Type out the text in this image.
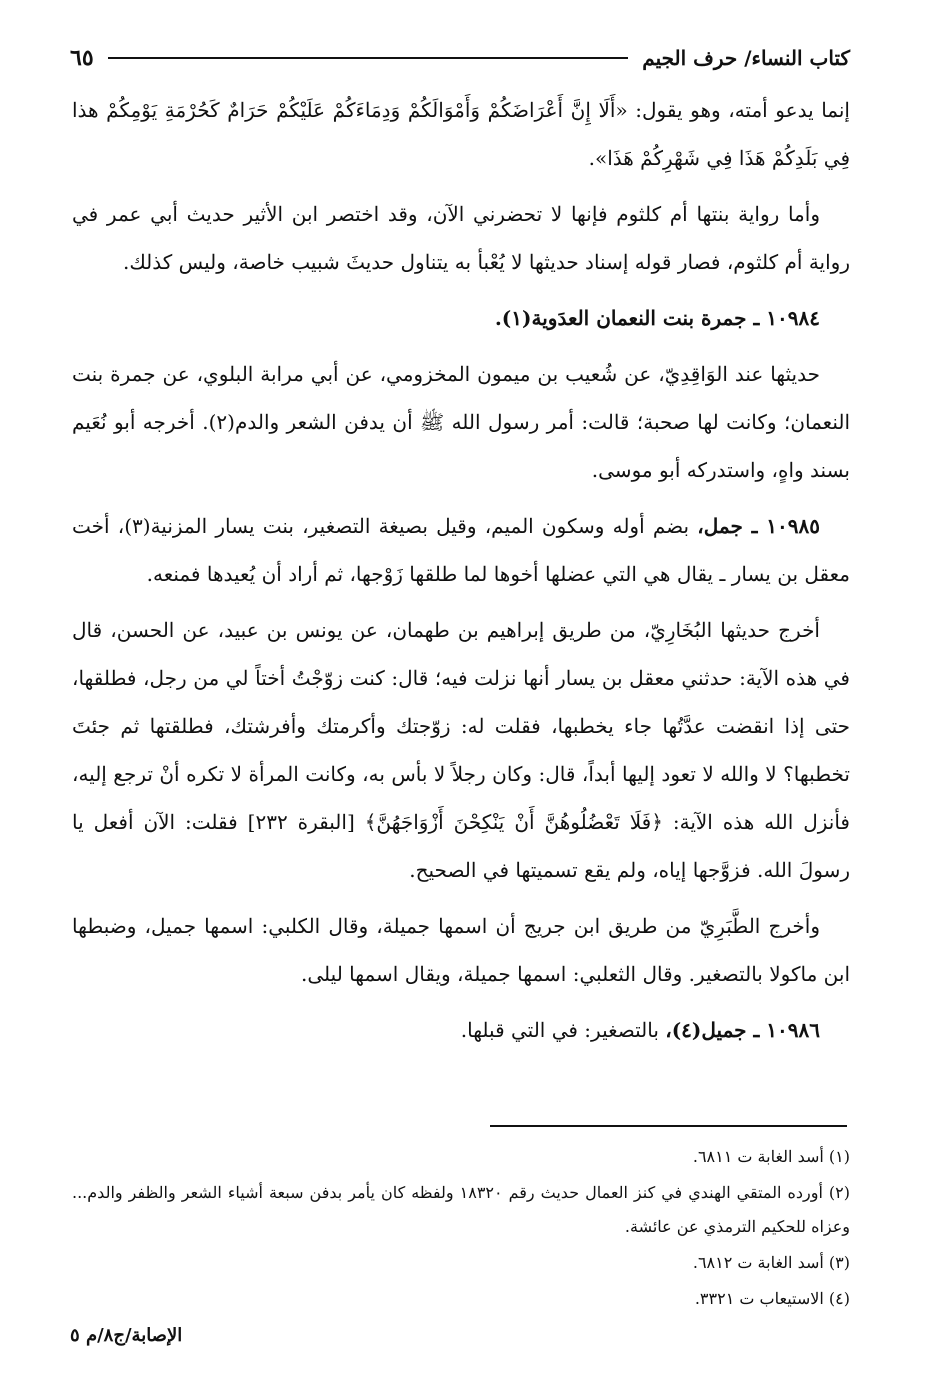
كتاب النساء/ حرف الجيم
٦٥

إنما يدعو أمته، وهو يقول: «أَلَا إِنَّ أَعْرَاضَكُمْ وَأَمْوَالَكُمْ وَدِمَاءَكُمْ عَلَيْكُمْ حَرَامٌ كَحُرْمَةِ يَوْمِكُمْ هذا فِي بَلَدِكُمْ هَذَا فِي شَهْرِكُمْ هَذَا».

وأما رواية بنتها أم كلثوم فإنها لا تحضرني الآن، وقد اختصر ابن الأثير حديث أبي عمر في رواية أم كلثوم، فصار قوله إسناد حديثها لا يُعْبأ به يتناول حديثَ شبيب خاصة، وليس كذلك.

١٠٩٨٤ ـ جمرة بنت النعمان العدَوية(١).

حديثها عند الوَاقِدِيّ، عن شُعيب بن ميمون المخزومي، عن أبي مرابة البلوي، عن جمرة بنت النعمان؛ وكانت لها صحبة؛ قالت: أمر رسول الله ﷺ أن يدفن الشعر والدم(٢). أخرجه أبو نُعَيم بسند واهٍ، واستدركه أبو موسى.

١٠٩٨٥ ـ جمل، بضم أوله وسكون الميم، وقيل بصيغة التصغير، بنت يسار المزنية(٣)، أخت معقل بن يسار ـ يقال هي التي عضلها أخوها لما طلقها زَوْجها، ثم أراد أن يُعيدها فمنعه.

أخرج حديثها البُخَارِيّ، من طريق إبراهيم بن طهمان، عن يونس بن عبيد، عن الحسن، قال في هذه الآية: حدثني معقل بن يسار أنها نزلت فيه؛ قال: كنت زوّجْتُ أختاً لي من رجل، فطلقها، حتى إذا انقضت عدَّتُها جاء يخطبها، فقلت له: زوّجتك وأكرمتك وأفرشتك، فطلقتها ثم جئتَ تخطبها؟ لا والله لا تعود إليها أبداً، قال: وكان رجلاً لا بأس به، وكانت المرأة لا تكره أنْ ترجع إليه، فأنزل الله هذه الآية: ﴿فَلَا تَعْضُلُوهُنَّ أَنْ يَنْكِحْنَ أَزْوَاجَهُنَّ﴾ [البقرة ٢٣٢] فقلت: الآن أفعل يا رسولَ الله. فزوَّجها إياه، ولم يقع تسميتها في الصحيح.

وأخرج الطَّبَرِيّ من طريق ابن جريج أن اسمها جميلة، وقال الكلبي: اسمها جميل، وضبطها ابن ماكولا بالتصغير. وقال الثعلبي: اسمها جميلة، ويقال اسمها ليلى.

١٠٩٨٦ ـ جميل(٤)، بالتصغير: في التي قبلها.

(١) أسد الغابة ت ٦٨١١.
(٢) أورده المتقي الهندي في كنز العمال حديث رقم ١٨٣٢٠ ولفظه كان يأمر بدفن سبعة أشياء الشعر والظفر والدم... وعزاه للحكيم الترمذي عن عائشة.
(٣) أسد الغابة ت ٦٨١٢.
(٤) الاستيعاب ت ٣٣٢١.
الإصابة/ج٨/م ٥
